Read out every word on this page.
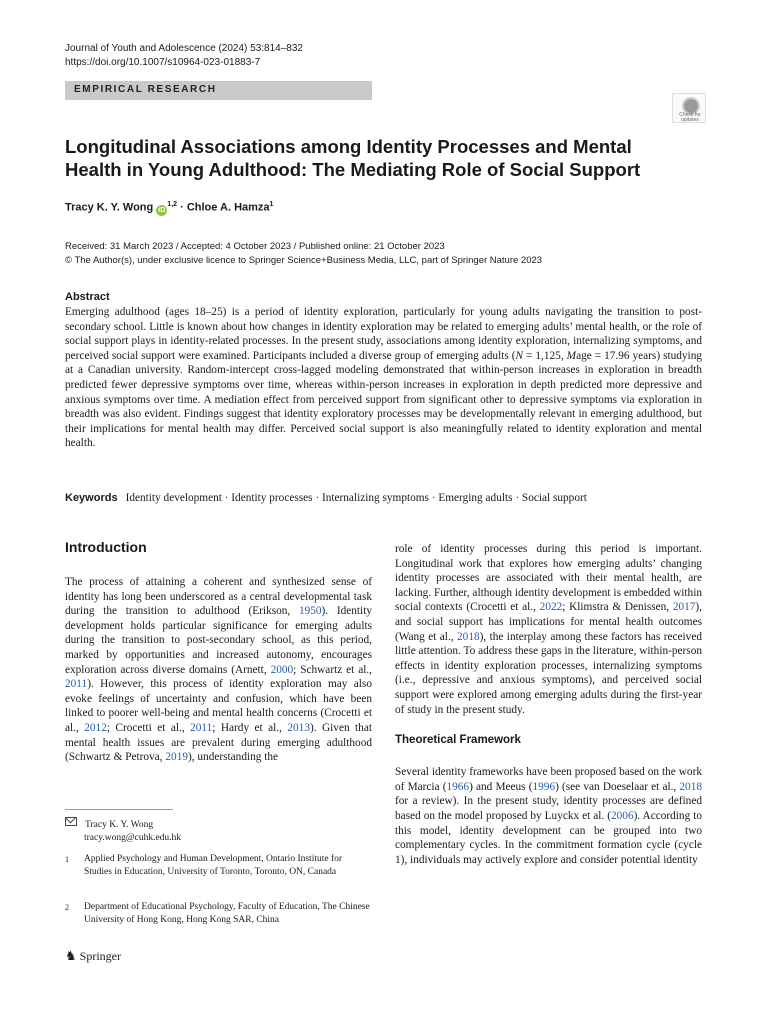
Journal of Youth and Adolescence (2024) 53:814–832
https://doi.org/10.1007/s10964-023-01883-7
EMPIRICAL RESEARCH
Check for updates
Longitudinal Associations among Identity Processes and Mental
Health in Young Adulthood: The Mediating Role of Social Support
Tracy K. Y. Wong iD$^{1,2}$ · Chloe A. Hamza$^1$
Received: 31 March 2023 / Accepted: 4 October 2023 / Published online: 21 October 2023
© The Author(s), under exclusive licence to Springer Science+Business Media, LLC, part of Springer Nature 2023
Abstract
Emerging adulthood (ages 18–25) is a period of identity exploration, particularly for young adults navigating the transition to post-secondary school. Little is known about how changes in identity exploration may be related to emerging adults’ mental health, or the role of social support plays in identity-related processes. In the present study, associations among identity exploration, internalizing symptoms, and perceived social support were examined. Participants included a diverse group of emerging adults (N = 1,125, Mage = 17.96 years) studying at a Canadian university. Random-intercept cross-lagged modeling demonstrated that within-person increases in exploration in breadth predicted fewer depressive symptoms over time, whereas within-person increases in exploration in depth predicted more depressive and anxious symptoms over time. A mediation effect from perceived support from significant other to depressive symptoms via exploration in breadth was also evident. Findings suggest that identity exploratory processes may be developmentally relevant in emerging adulthood, but their implications for mental health may differ. Perceived social support is also meaningfully related to identity exploration and mental health.
Keywords Identity development · Identity processes · Internalizing symptoms · Emerging adults · Social support
Introduction

The process of attaining a coherent and synthesized sense of identity has long been underscored as a central developmental task during the transition to adulthood (Erikson, 1950). Identity development holds particular significance for emerging adults during the transition to post-secondary school, as this period, marked by opportunities and increased autonomy, encourages exploration across diverse domains (Arnett, 2000; Schwartz et al., 2011). However, this process of identity exploration may also evoke feelings of uncertainty and confusion, which have been linked to poorer well-being and mental health concerns (Crocetti et al., 2012; Crocetti et al., 2011; Hardy et al., 2013). Given that mental health issues are prevalent during emerging adulthood (Schwartz & Petrova, 2019), understanding the

role of identity processes during this period is important. Longitudinal work that explores how emerging adults’ changing identity processes are associated with their mental health, are lacking. Further, although identity development is embedded within social contexts (Crocetti et al., 2022; Klimstra & Denissen, 2017), and social support has implications for mental health outcomes (Wang et al., 2018), the interplay among these factors has received little attention. To address these gaps in the literature, within-person effects in identity exploration processes, internalizing symptoms (i.e., depressive and anxious symptoms), and perceived social support were explored among emerging adults during the first-year of study in the present study.

Theoretical Framework

Several identity frameworks have been proposed based on the work of Marcia (1966) and Meeus (1996) (see van Doeselaar et al., 2018 for a review). In the present study, identity processes are defined based on the model proposed by Luyckx et al. (2006). According to this model, identity development can be grouped into two complementary cycles. In the commitment formation cycle (cycle 1), individuals may actively explore and consider potential identity

Tracy K. Y. Wong
tracy.wong@cuhk.edu.hk
1 Applied Psychology and Human Development, Ontario Institute for Studies in Education, University of Toronto, Toronto, ON, Canada
2 Department of Educational Psychology, Faculty of Education, The Chinese University of Hong Kong, Hong Kong SAR, China
♞ Springer
